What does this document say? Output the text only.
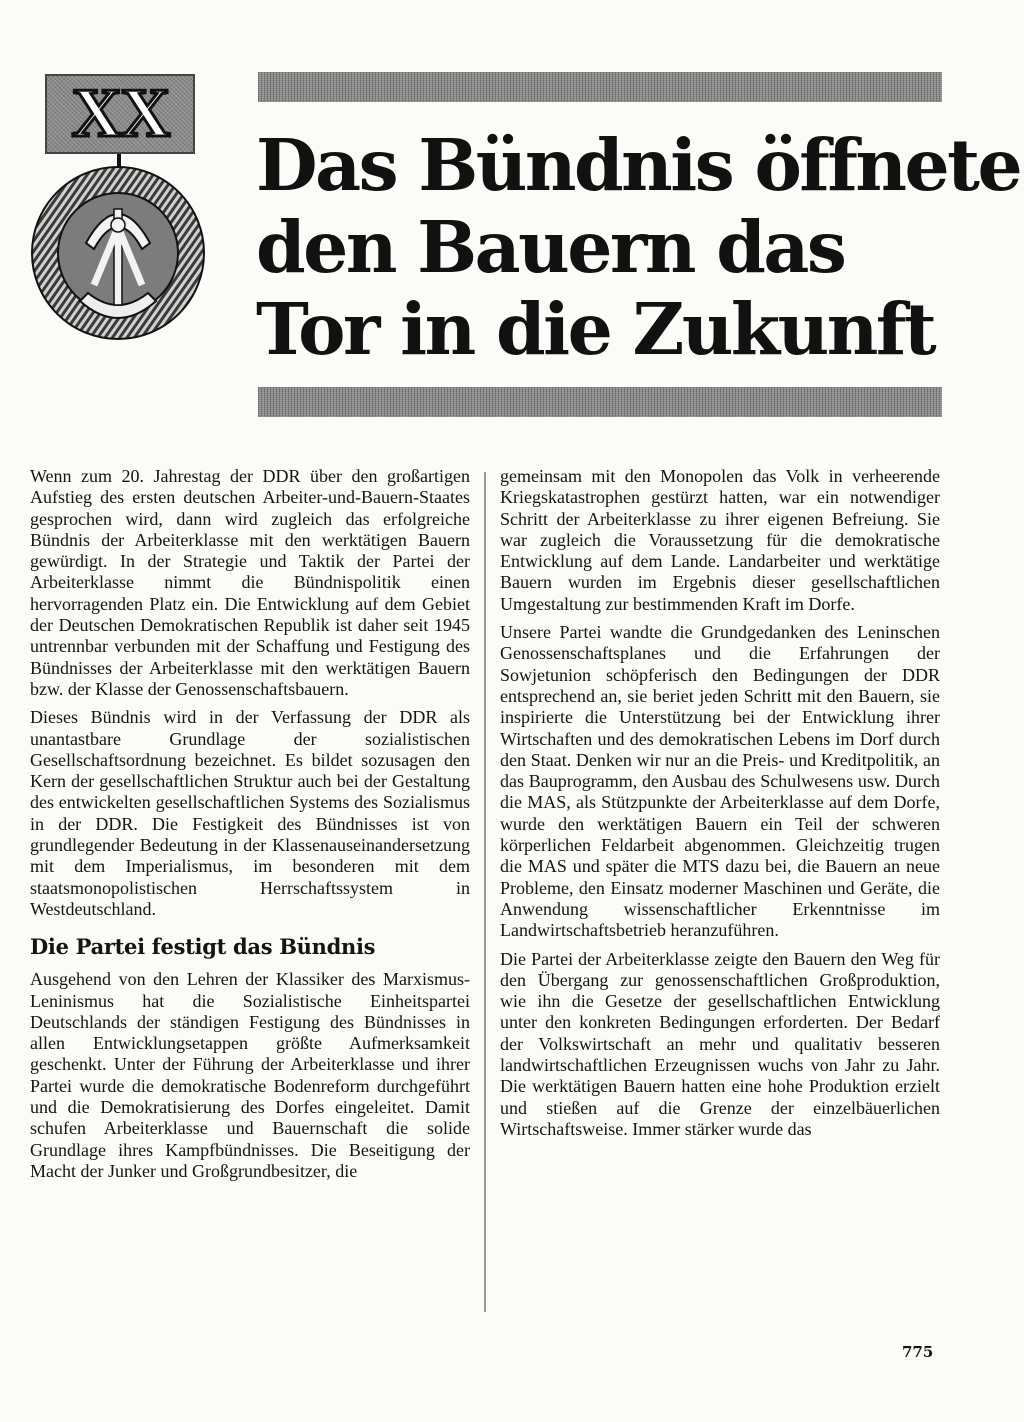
XX
Das Bündnis öffnete
den Bauern das
Tor in die Zukunft

Wenn zum 20. Jahrestag der DDR über den großartigen Aufstieg des ersten deutschen Arbeiter-und-Bauern-Staates gesprochen wird, dann wird zugleich das erfolgreiche Bündnis der Arbeiterklasse mit den werktätigen Bauern gewürdigt. In der Strategie und Taktik der Partei der Arbeiterklasse nimmt die Bündnispolitik einen hervorragenden Platz ein. Die Entwicklung auf dem Gebiet der Deutschen Demokratischen Republik ist daher seit 1945 untrennbar verbunden mit der Schaffung und Festigung des Bündnisses der Arbeiterklasse mit den werktätigen Bauern bzw. der Klasse der Genossenschaftsbauern.

Dieses Bündnis wird in der Verfassung der DDR als unantastbare Grundlage der sozialistischen Gesellschaftsordnung bezeichnet. Es bildet sozusagen den Kern der gesellschaftlichen Struktur auch bei der Gestaltung des entwickelten gesellschaftlichen Systems des Sozialismus in der DDR. Die Festigkeit des Bündnisses ist von grundlegender Bedeutung in der Klassenauseinandersetzung mit dem Imperialismus, im besonderen mit dem staatsmonopolistischen Herrschaftssystem in Westdeutschland.

Die Partei festigt das Bündnis

Ausgehend von den Lehren der Klassiker des Marxismus-Leninismus hat die Sozialistische Einheitspartei Deutschlands der ständigen Festigung des Bündnisses in allen Entwicklungsetappen größte Aufmerksamkeit geschenkt. Unter der Führung der Arbeiterklasse und ihrer Partei wurde die demokratische Bodenreform durchgeführt und die Demokratisierung des Dorfes eingeleitet. Damit schufen Arbeiterklasse und Bauernschaft die solide Grundlage ihres Kampfbündnisses. Die Beseitigung der Macht der Junker und Großgrundbesitzer, die

gemeinsam mit den Monopolen das Volk in verheerende Kriegskatastrophen gestürzt hatten, war ein notwendiger Schritt der Arbeiterklasse zu ihrer eigenen Befreiung. Sie war zugleich die Voraussetzung für die demokratische Entwicklung auf dem Lande. Landarbeiter und werktätige Bauern wurden im Ergebnis dieser gesellschaftlichen Umgestaltung zur bestimmenden Kraft im Dorfe.

Unsere Partei wandte die Grundgedanken des Leninschen Genossenschaftsplanes und die Erfahrungen der Sowjetunion schöpferisch den Bedingungen der DDR entsprechend an, sie beriet jeden Schritt mit den Bauern, sie inspirierte die Unterstützung bei der Entwicklung ihrer Wirtschaften und des demokratischen Lebens im Dorf durch den Staat. Denken wir nur an die Preis- und Kreditpolitik, an das Bauprogramm, den Ausbau des Schulwesens usw. Durch die MAS, als Stützpunkte der Arbeiterklasse auf dem Dorfe, wurde den werktätigen Bauern ein Teil der schweren körperlichen Feldarbeit abgenommen. Gleichzeitig trugen die MAS und später die MTS dazu bei, die Bauern an neue Probleme, den Einsatz moderner Maschinen und Geräte, die Anwendung wissenschaftlicher Erkenntnisse im Landwirtschaftsbetrieb heranzuführen.

Die Partei der Arbeiterklasse zeigte den Bauern den Weg für den Übergang zur genossenschaftlichen Großproduktion, wie ihn die Gesetze der gesellschaftlichen Entwicklung unter den konkreten Bedingungen erforderten. Der Bedarf der Volkswirtschaft an mehr und qualitativ besseren landwirtschaftlichen Erzeugnissen wuchs von Jahr zu Jahr. Die werktätigen Bauern hatten eine hohe Produktion erzielt und stießen auf die Grenze der einzelbäuerlichen Wirtschaftsweise. Immer stärker wurde das

775
